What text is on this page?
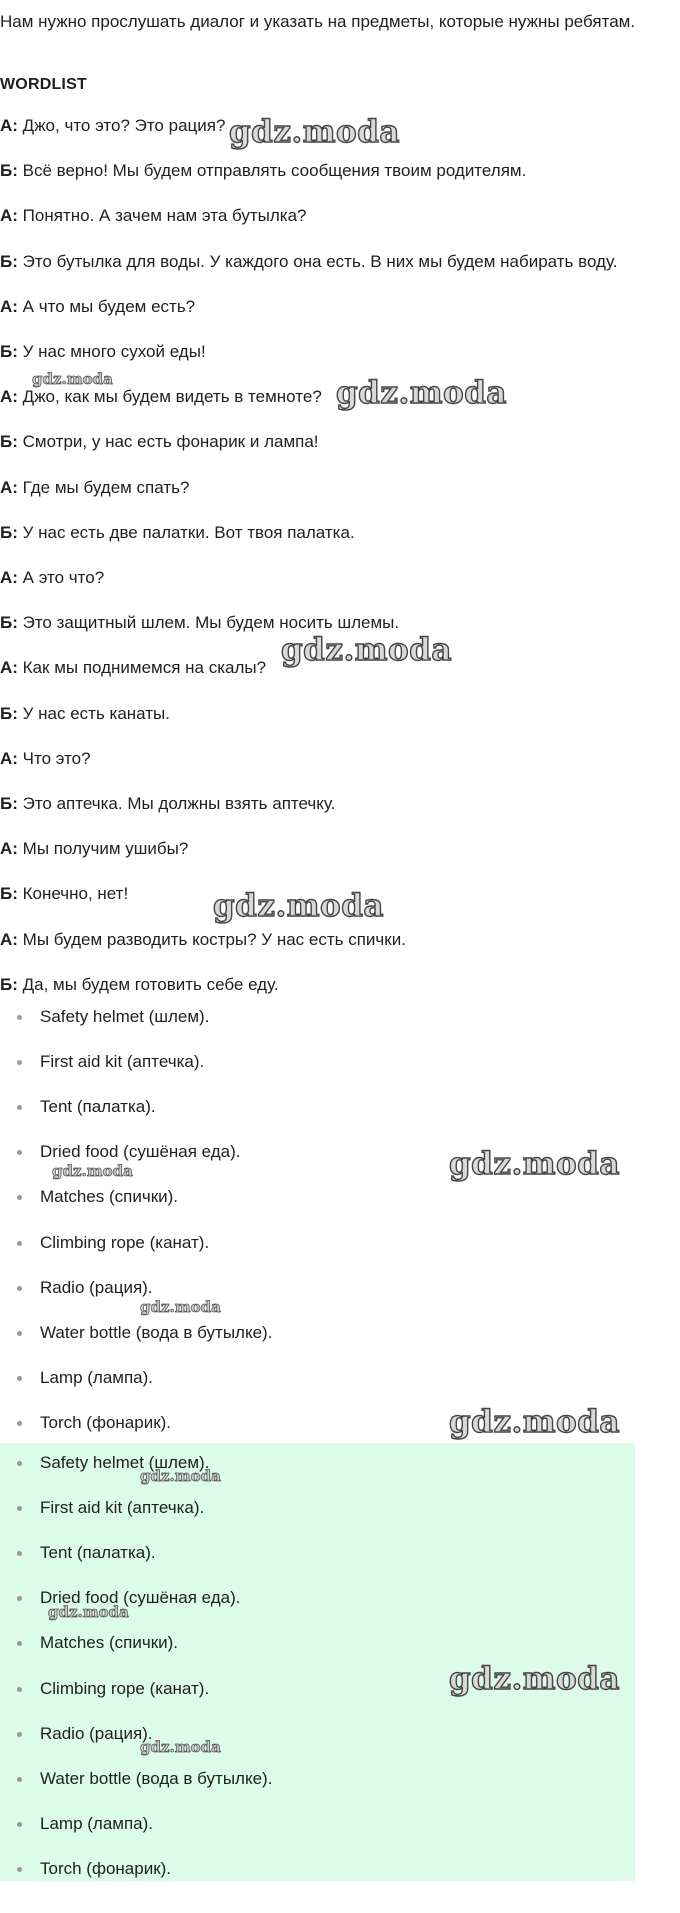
Нам нужно прослушать диалог и указать на предметы, которые нужны ребятам.
WORDLIST
А: Джо, что это? Это рация?
Б: Всё верно! Мы будем отправлять сообщения твоим родителям.
А: Понятно. А зачем нам эта бутылка?
Б: Это бутылка для воды. У каждого она есть. В них мы будем набирать воду.
А: А что мы будем есть?
Б: У нас много сухой еды!
А: Джо, как мы будем видеть в темноте?
Б: Смотри, у нас есть фонарик и лампа!
А: Где мы будем спать?
Б: У нас есть две палатки. Вот твоя палатка.
А: А это что?
Б: Это защитный шлем. Мы будем носить шлемы.
А: Как мы поднимемся на скалы?
Б: У нас есть канаты.
А: Что это?
Б: Это аптечка. Мы должны взять аптечку.
А: Мы получим ушибы?
Б: Конечно, нет!
А: Мы будем разводить костры? У нас есть спички.
Б: Да, мы будем готовить себе еду.
Safety helmet (шлем).
First aid kit (аптечка).
Tent (палатка).
Dried food (сушёная еда).
Matches (спички).
Climbing rope (канат).
Radio (рация).
Water bottle (вода в бутылке).
Lamp (лампа).
Torch (фонарик).
Safety helmet (шлем).
First aid kit (аптечка).
Tent (палатка).
Dried food (сушёная еда).
Matches (спички).
Climbing rope (канат).
Radio (рация).
Water bottle (вода в бутылке).
Lamp (лампа).
Torch (фонарик).
gdz.moda
gdz.moda
gdz.moda
gdz.moda
gdz.moda
gdz.moda
gdz.moda
gdz.moda
gdz.moda
gdz.moda
gdz.moda
gdz.moda
gdz.moda
